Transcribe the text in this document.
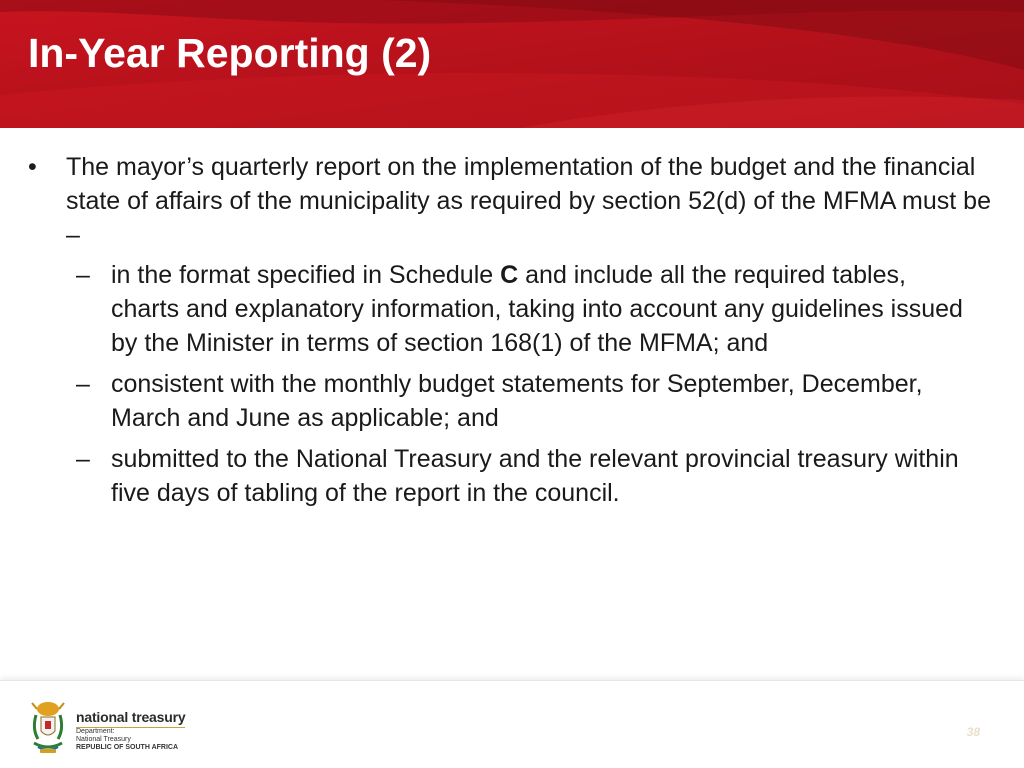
In-Year Reporting (2)
•	The mayor’s quarterly report on the implementation of the budget and the financial state of affairs of the municipality as required by section 52(d) of the MFMA must be –
– in the format specified in Schedule C and include all the required tables, charts and explanatory information, taking into account any guidelines issued by the Minister in terms of section 168(1) of the MFMA; and
– consistent with the monthly budget statements for September, December, March and June as applicable; and
– submitted to the National Treasury and the relevant provincial treasury within five days of tabling of the report in the council.
national treasury
Department:
National Treasury
REPUBLIC OF SOUTH AFRICA
38
